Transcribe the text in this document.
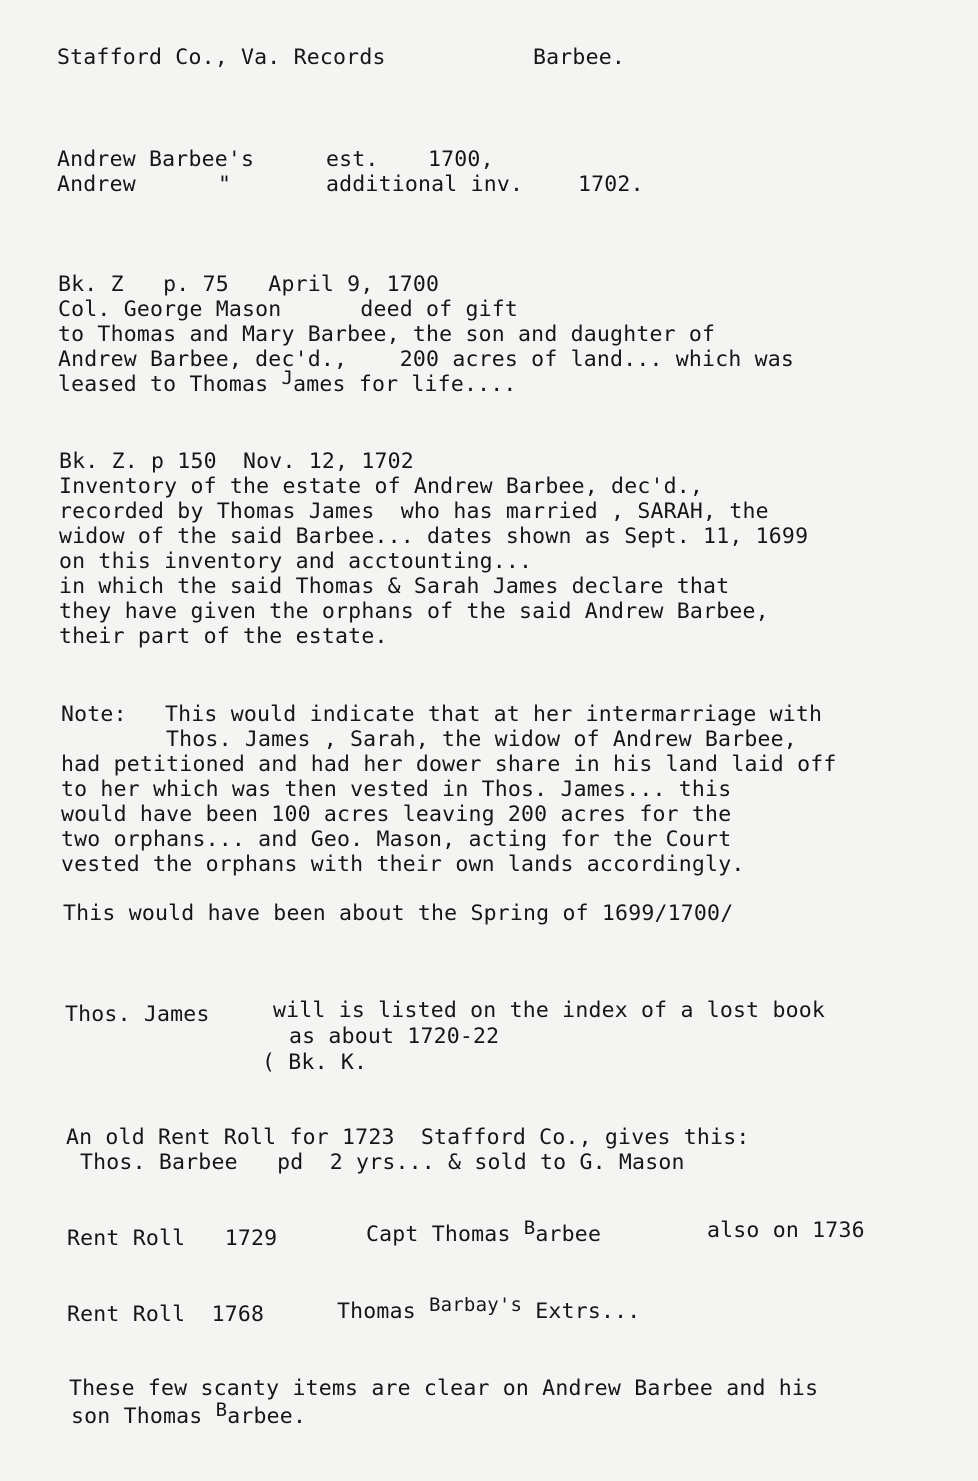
Stafford Co., Va. Records	Barbee.
Andrew Barbee's	est. 1700,
Andrew	"	additional inv.	1702.
Bk. Z   p. 75   April 9, 1700
Col. George Mason      deed of gift
to Thomas and Mary Barbee, the son and daughter of
Andrew Barbee, dec'd.,    200 acres of land... which was
leased to Thomas James for life....
Bk. Z. p 150  Nov. 12, 1702
Inventory of the estate of Andrew Barbee, dec'd.,
recorded by Thomas James  who has married , SARAH, the
widow of the said Barbee... dates shown as Sept. 11, 1699
on this inventory and acctounting...
in which the said Thomas & Sarah James declare that
they have given the orphans of the said Andrew Barbee,
their part of the estate.
Note: This would indicate that at her intermarriage with
Thos. James , Sarah, the widow of Andrew Barbee,
had petitioned and had her dower share in his land laid off
to her which was then vested in Thos. James... this
would have been 100 acres leaving 200 acres for the
two orphans... and Geo. Mason, acting for the Court
vested the orphans with their own lands accordingly.
This would have been about the Spring of 1699/1700/
Thos. James	will is listed on the index of a lost book
as about 1720-22
( Bk. K.
An old Rent Roll for 1723  Stafford Co., gives this:
Thos. Barbee   pd  2 yrs... & sold to G. Mason
Rent Roll   1729	Capt Thomas Barbee	also on 1736
Rent Roll  1768	Thomas Barbay's Extrs...
These few scanty items are clear on Andrew Barbee and his
son Thomas Barbee.
